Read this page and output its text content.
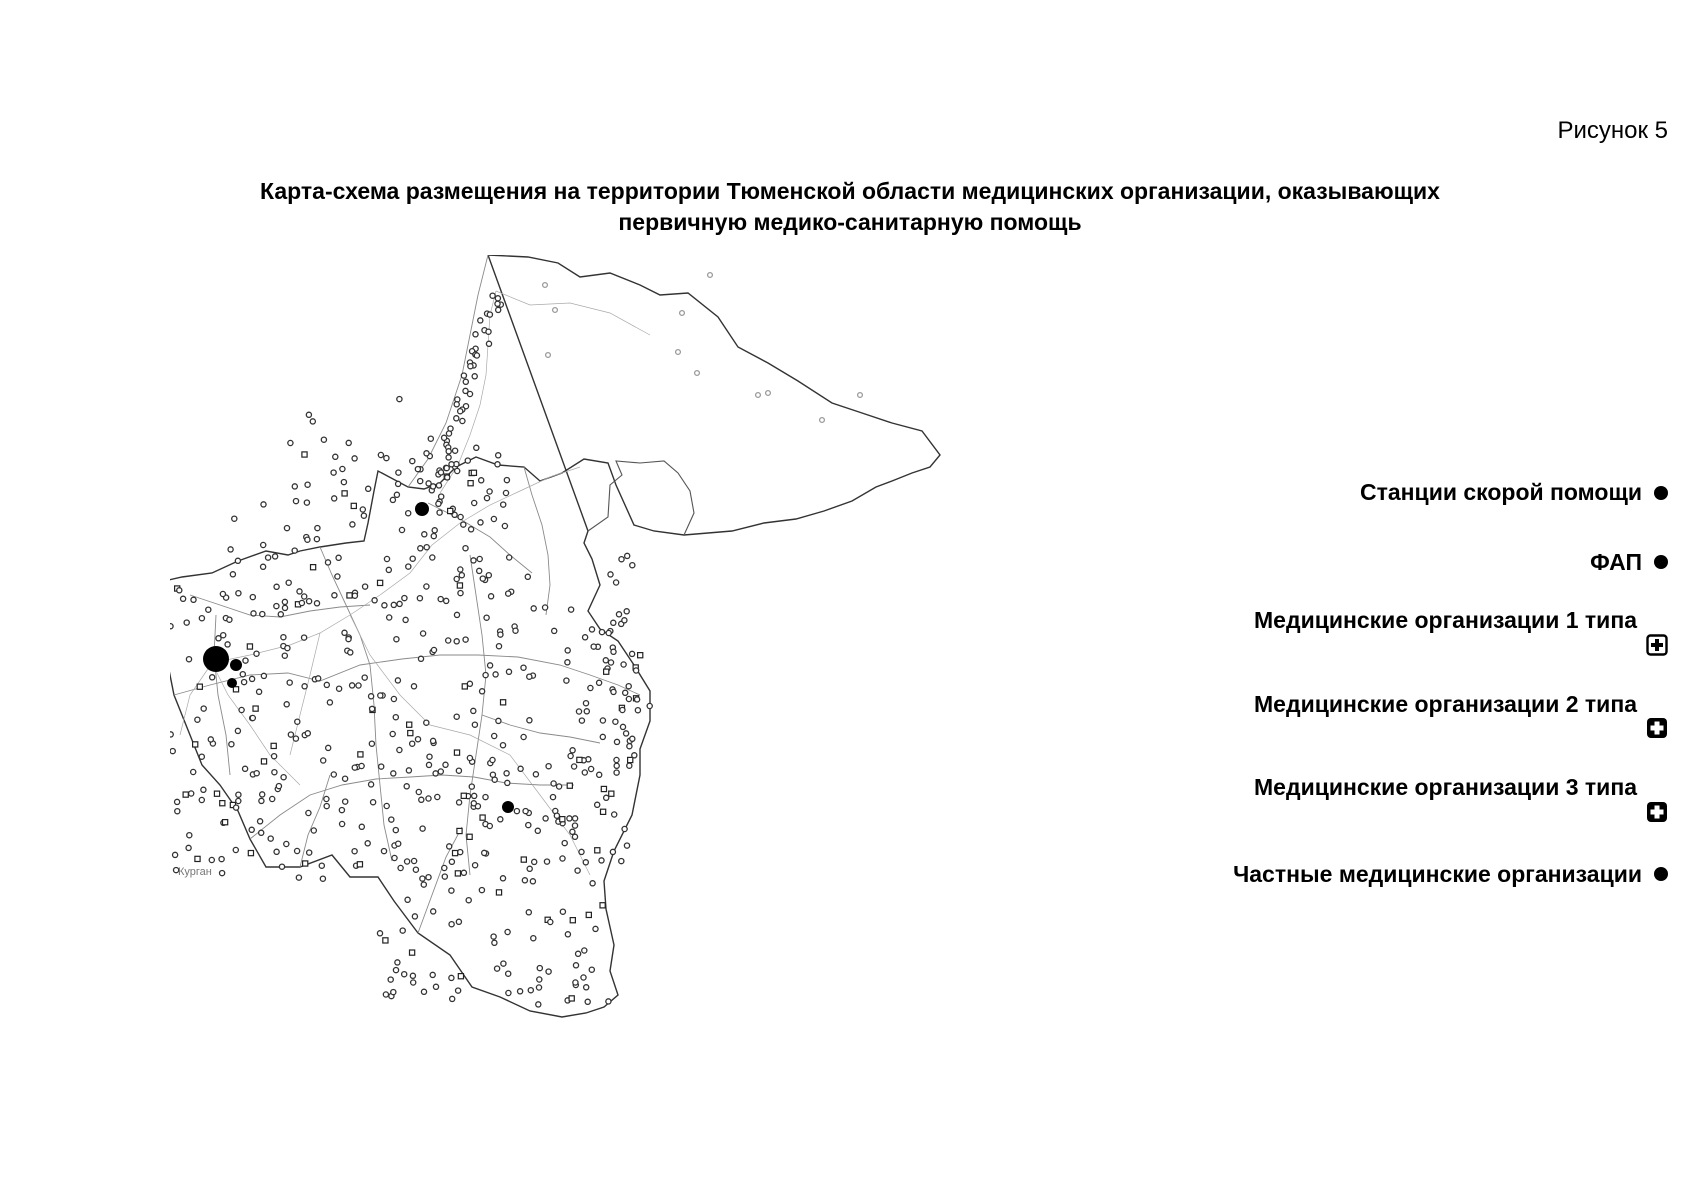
Рисунок 5
Карта-схема размещения на территории Тюменской области медицинских организации, оказывающих
первичную медико-санитарную помощь
Курган
Станции скорой помощи
ФАП
Медицинские организации 1 типа
Медицинские организации 2 типа
Медицинские организации 3 типа
Частные медицинские организации
